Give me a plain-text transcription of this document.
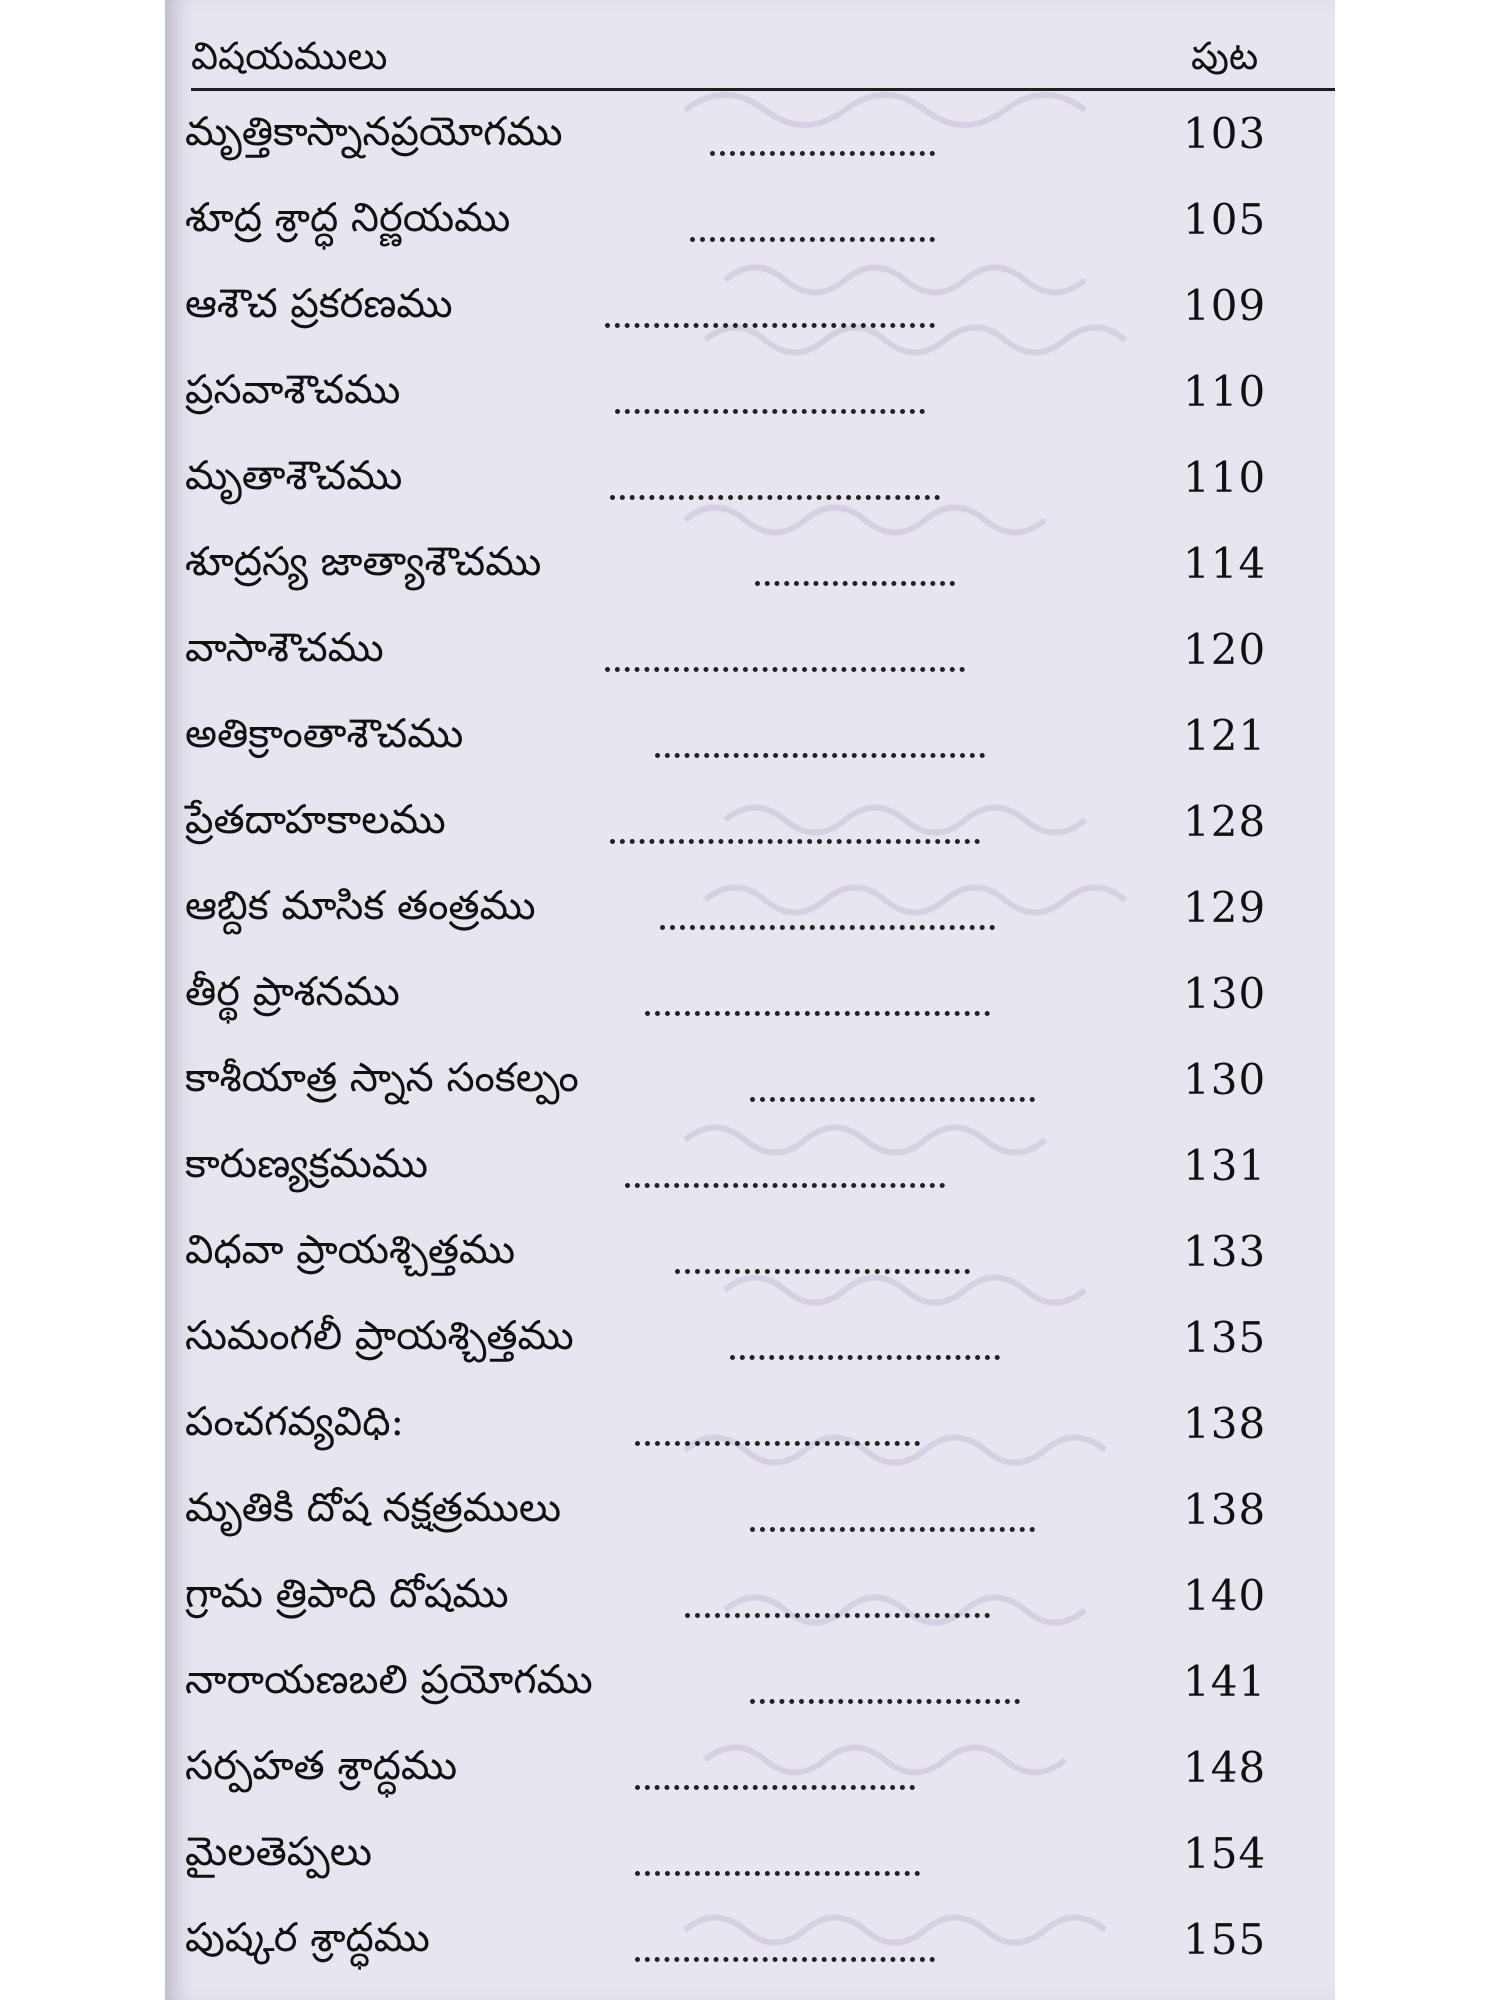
విషయములు	పుట
మృత్తికాస్నానప్రయోగము	103
శూద్ర శ్రాద్ధ నిర్ణయము	105
ఆశౌచ ప్రకరణము	109
ప్రసవాశౌచము	110
మృతాశౌచము	110
శూద్రస్య జాత్యాశౌచము	114
వాసాశౌచము	120
అతిక్రాంతాశౌచము	121
ప్రేతదాహకాలము	128
ఆబ్దిక మాసిక తంత్రము	129
తీర్థ ప్రాశనము	130
కాశీయాత్ర స్నాన సంకల్పం	130
కారుణ్యక్రమము	131
విధవా ప్రాయశ్చిత్తము	133
సుమంగలీ ప్రాయశ్చిత్తము	135
పంచగవ్యవిధి:	138
మృతికి దోష నక్షత్రములు	138
గ్రామ త్రిపాది దోషము	140
నారాయణబలి ప్రయోగము	141
సర్పహత శ్రాద్ధము	148
మైలతెప్పలు	154
పుష్కర శ్రాద్ధము	155
